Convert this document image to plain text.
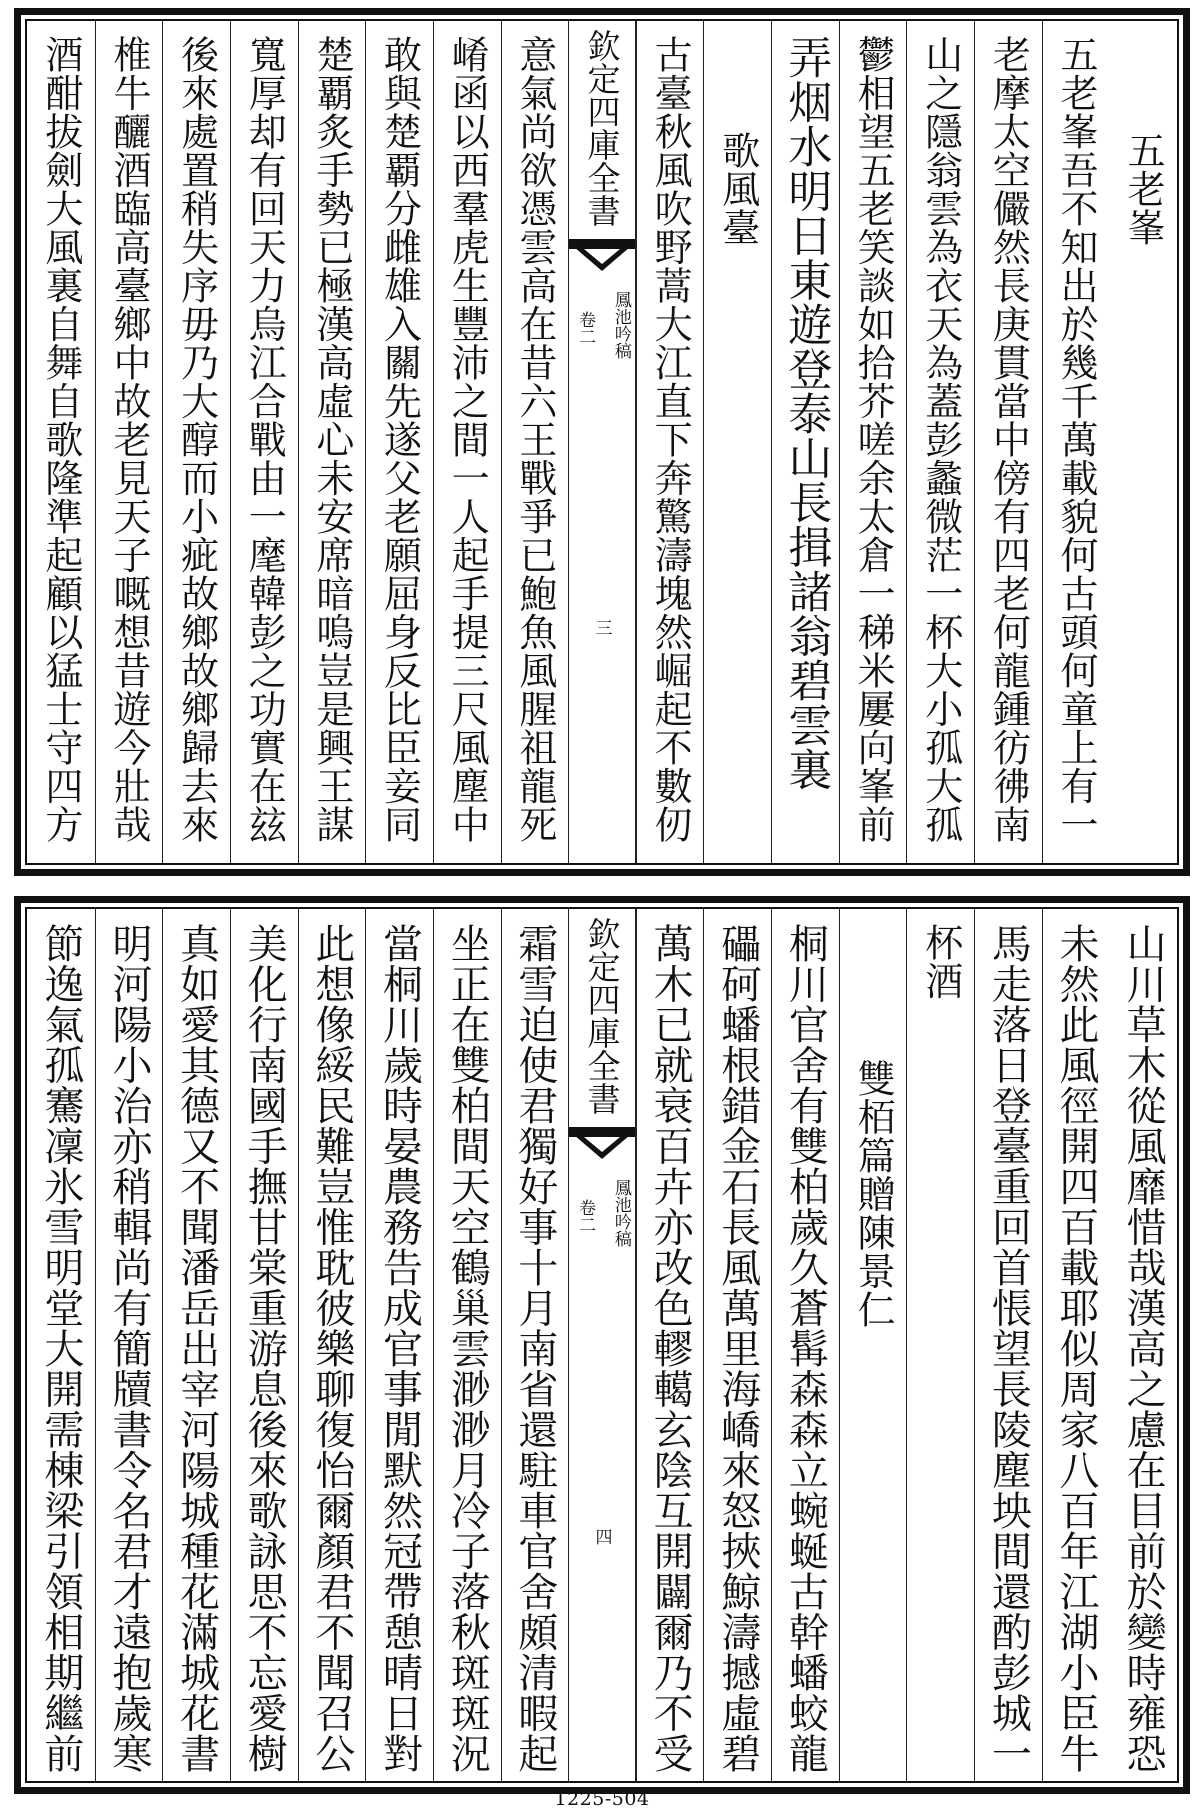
五老峯
五老峯吾不知出於幾千萬載貌何古頭何童上有一
老摩太空儼然長庚貫當中傍有四老何龍鍾彷彿南
山之隱翁雲為衣天為蓋彭蠡微茫一杯大小孤大孤
鬱相望五老笑談如拾芥嗟余太倉一稊米屢向峯前
弄烟水明日東遊登泰山長揖諸翁碧雲裏
歌風臺
古臺秋風吹野蒿大江直下奔驚濤塊然崛起不數仞
欽定四庫全書
鳳池吟稿
卷二
三
意氣尚欲憑雲高在昔六王戰爭已鮑魚風腥祖龍死
崤函以西羣虎生豐沛之間一人起手提三尺風塵中
敢與楚覇分雌雄入關先遂父老願屈身反比臣妾同
楚覇炙手勢已極漢高虛心未安席暗嗚豈是興王謀
寬厚却有回天力烏江合戰由一麾韓彭之功實在玆
後來處置稍失序毋乃大醇而小疵故鄉故鄉歸去來
椎牛釃酒臨高臺鄉中故老見天子嘅想昔遊今壯哉
酒酣拔劍大風裏自舞自歌隆準起顧以猛士守四方
山川草木從風靡惜哉漢高之慮在目前於變時雍恐
未然此風徑開四百載耶似周家八百年江湖小臣牛
馬走落日登臺重回首悵望長陵塵坱間還酌彭城一
杯酒
雙栢篇贈陳景仁
桐川官舍有雙柏歲久蒼髯森森立蜿蜒古幹蟠蛟龍
礧砢蟠根錯金石長風萬里海嶠來怒挾鯨濤撼虛碧
萬木已就衰百卉亦改色轇轕玄陰互開闢爾乃不受
欽定四庫全書
鳳池吟稿
卷二
四
霜雪迫使君獨好事十月南省還駐車官舍頗清暇起
坐正在雙柏間天空鶴巢雲渺渺月冷子落秋斑斑況
當桐川歲時晏農務告成官事閒默然冠帶憩晴日對
此想像綏民難豈惟耽彼樂聊復怡爾顏君不聞召公
美化行南國手撫甘棠重游息後來歌詠思不忘愛樹
真如愛其德又不聞潘岳出宰河陽城種花滿城花書
明河陽小治亦稍輯尚有簡牘書令名君才遠抱歲寒
節逸氣孤騫凜氷雪明堂大開需棟梁引領相期繼前
1225-504
